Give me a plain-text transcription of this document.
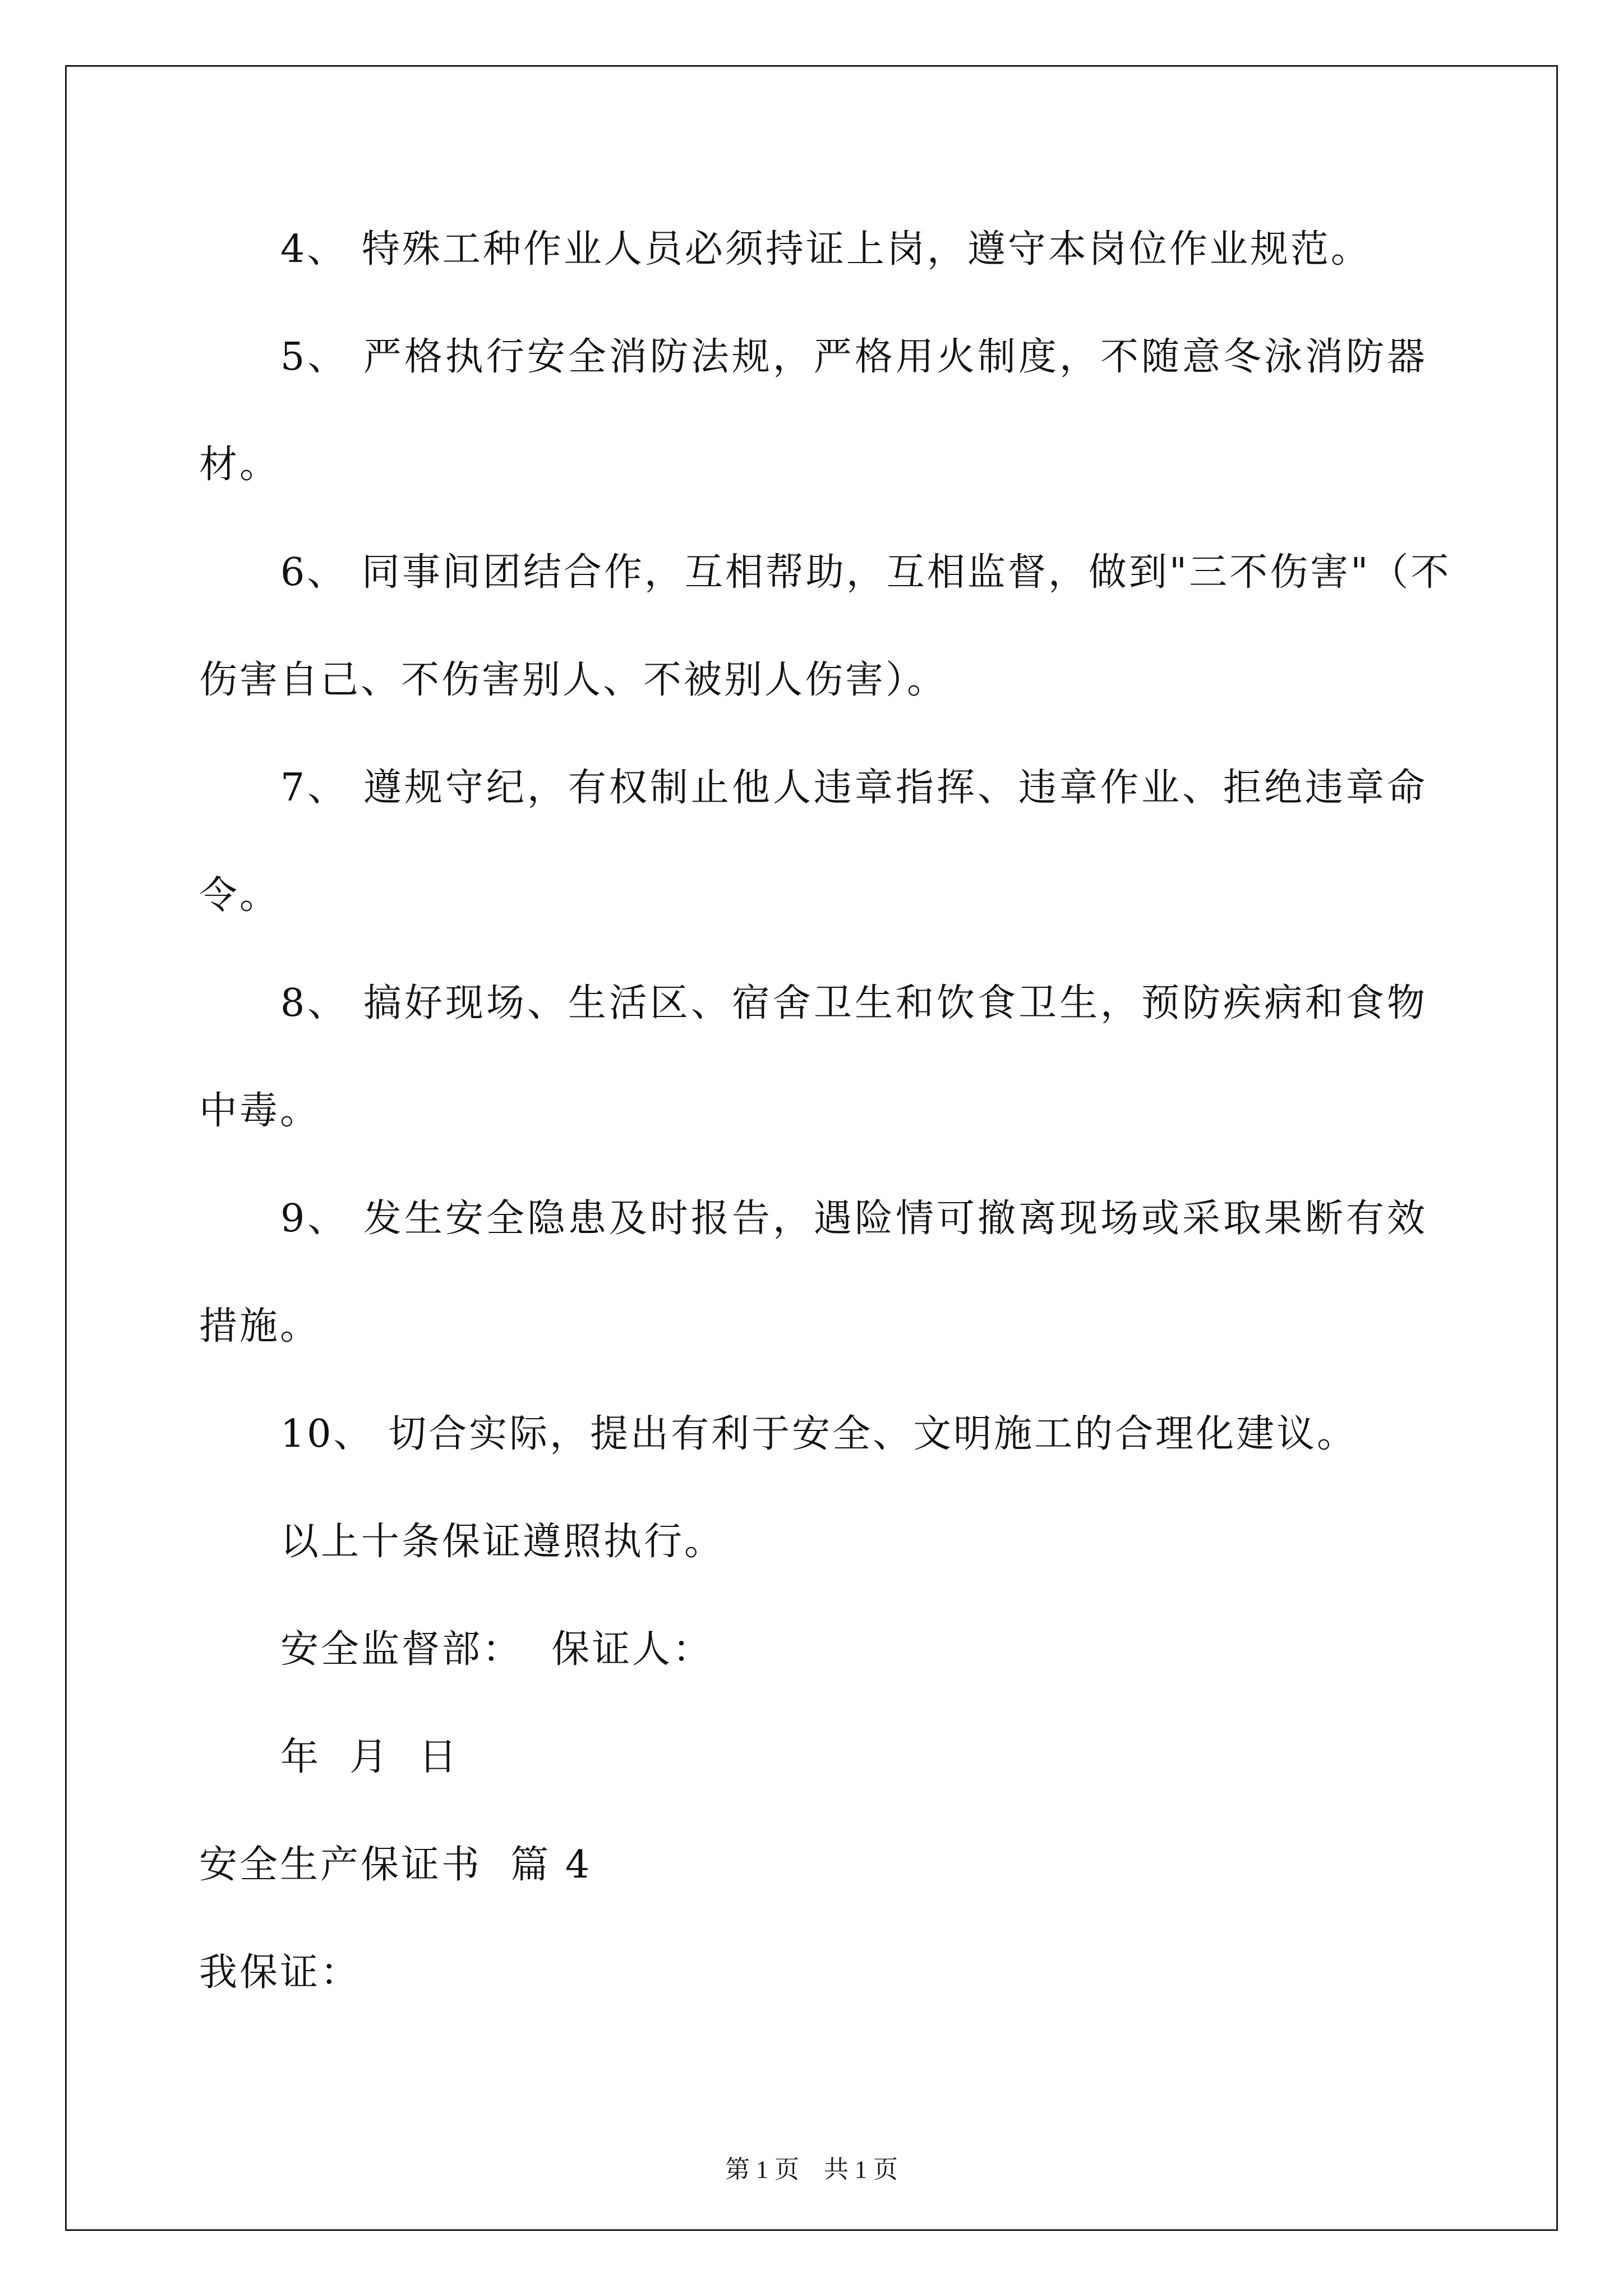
4、 特殊工种作业人员必须持证上岗，遵守本岗位作业规范。

5、 严格执行安全消防法规，严格用火制度，不随意冬泳消防器

材。

6、 同事间团结合作，互相帮助，互相监督，做到"三不伤害"（不

伤害自己、不伤害别人、不被别人伤害）。

7、 遵规守纪，有权制止他人违章指挥、违章作业、拒绝违章命

令。

8、 搞好现场、生活区、宿舍卫生和饮食卫生，预防疾病和食物

中毒。

9、 发生安全隐患及时报告，遇险情可撤离现场或采取果断有效

措施。

10、 切合实际，提出有利于安全、文明施工的合理化建议。

以上十条保证遵照执行。

安全监督部：  保证人：

年  月  日

安全生产保证书  篇 4

我保证：

第 1 页    共 1 页
